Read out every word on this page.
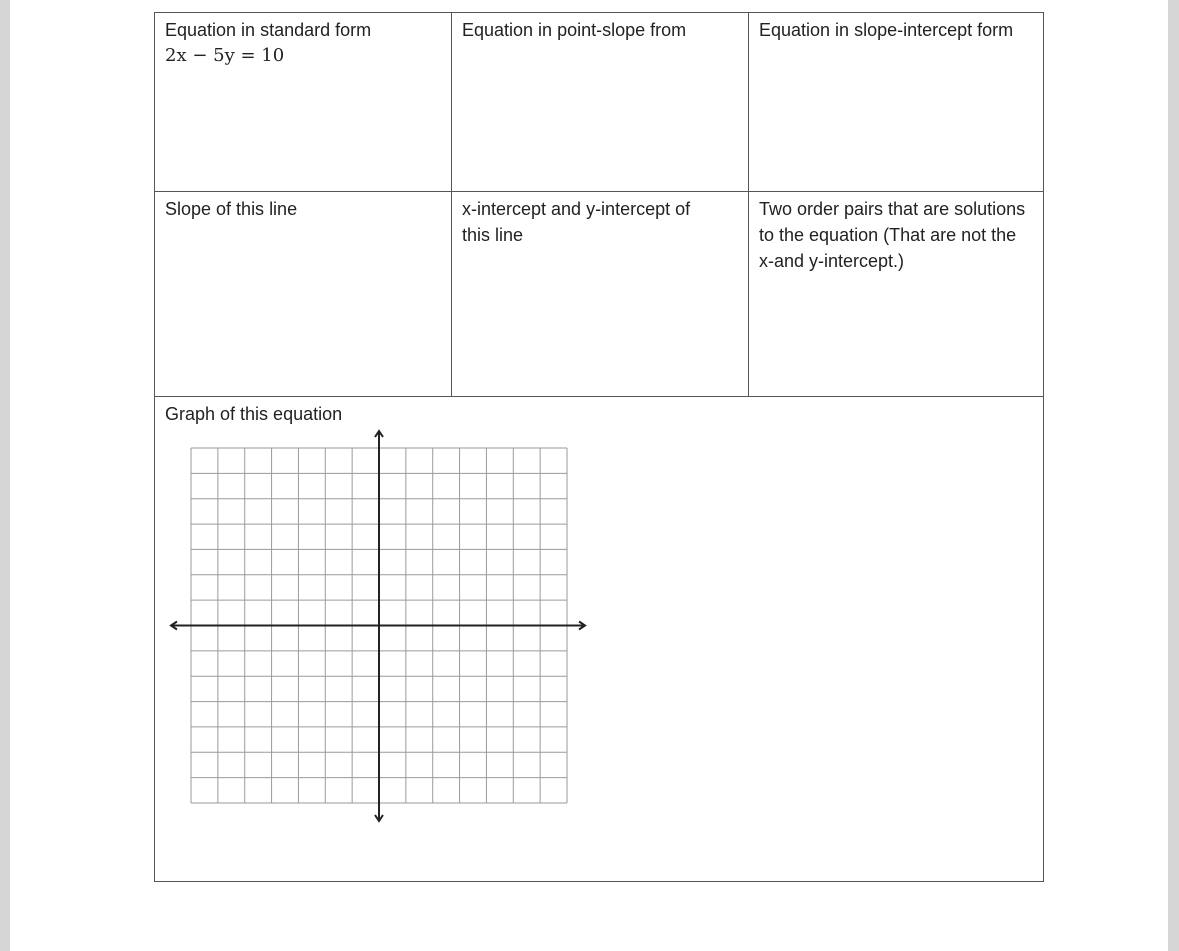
Equation in standard form
2x − 5y = 10
Equation in point-slope from	Equation in slope-intercept form
Slope of this line	x-intercept and y-intercept of this line
Two order pairs that are solutions to the equation (That are not the x-and y-intercept.)
Graph of this equation
